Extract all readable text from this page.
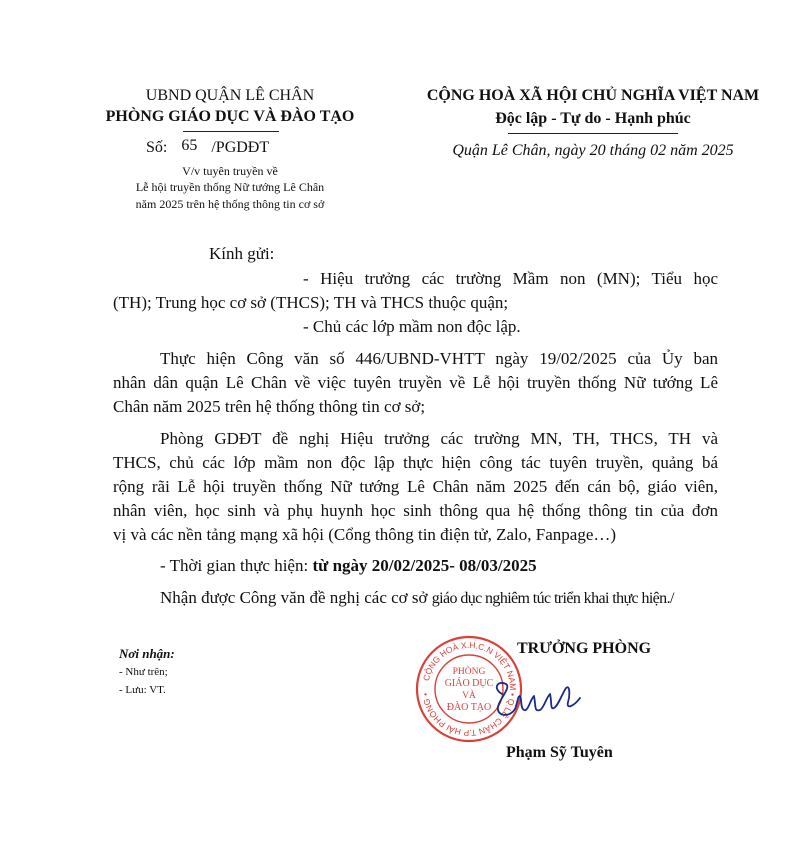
UBND QUẬN LÊ CHÂN
PHÒNG GIÁO DỤC VÀ ĐÀO TẠO
Số: 65 /PGDĐT
V/v tuyên truyền về
Lễ hội truyền thống Nữ tướng Lê Chân
năm 2025 trên hệ thống thông tin cơ sở
CỘNG HOÀ XÃ HỘI CHỦ NGHĨA VIỆT NAM
Độc lập - Tự do - Hạnh phúc
Quận Lê Chân, ngày 20 tháng 02 năm 2025
Kính gửi:
- Hiệu trưởng các trường Mầm non (MN); Tiểu học
(TH); Trung học cơ sở (THCS); TH và THCS thuộc quận;
- Chủ các lớp mầm non độc lập.
Thực hiện Công văn số 446/UBND-VHTT ngày 19/02/2025 của Ủy ban
nhân dân quận Lê Chân về việc tuyên truyền về Lễ hội truyền thống Nữ tướng Lê
Chân năm 2025 trên hệ thống thông tin cơ sở;
Phòng GDĐT đề nghị Hiệu trưởng các trường MN, TH, THCS, TH và
THCS, chủ các lớp mầm non độc lập thực hiện công tác tuyên truyền, quảng bá
rộng rãi Lễ hội truyền thống Nữ tướng Lê Chân năm 2025 đến cán bộ, giáo viên,
nhân viên, học sinh và phụ huynh học sinh thông qua hệ thống thông tin của đơn
vị và các nền tảng mạng xã hội (Cổng thông tin điện tử, Zalo, Fanpage…)
- Thời gian thực hiện: từ ngày 20/02/2025- 08/03/2025
Nhận được Công văn đề nghị các cơ sở giáo dục nghiêm túc triển khai thực hiện./
Nơi nhận:
- Như trên;
- Lưu: VT.
CỘNG HOÀ X.H.C.N VIỆT NAM • Q.LÊ CHÂN T.P HẢI PHÒNG •
PHÒNG
GIÁO DỤC
VÀ
ĐÀO TẠO
TRƯỞNG PHÒNG
Phạm Sỹ Tuyên
